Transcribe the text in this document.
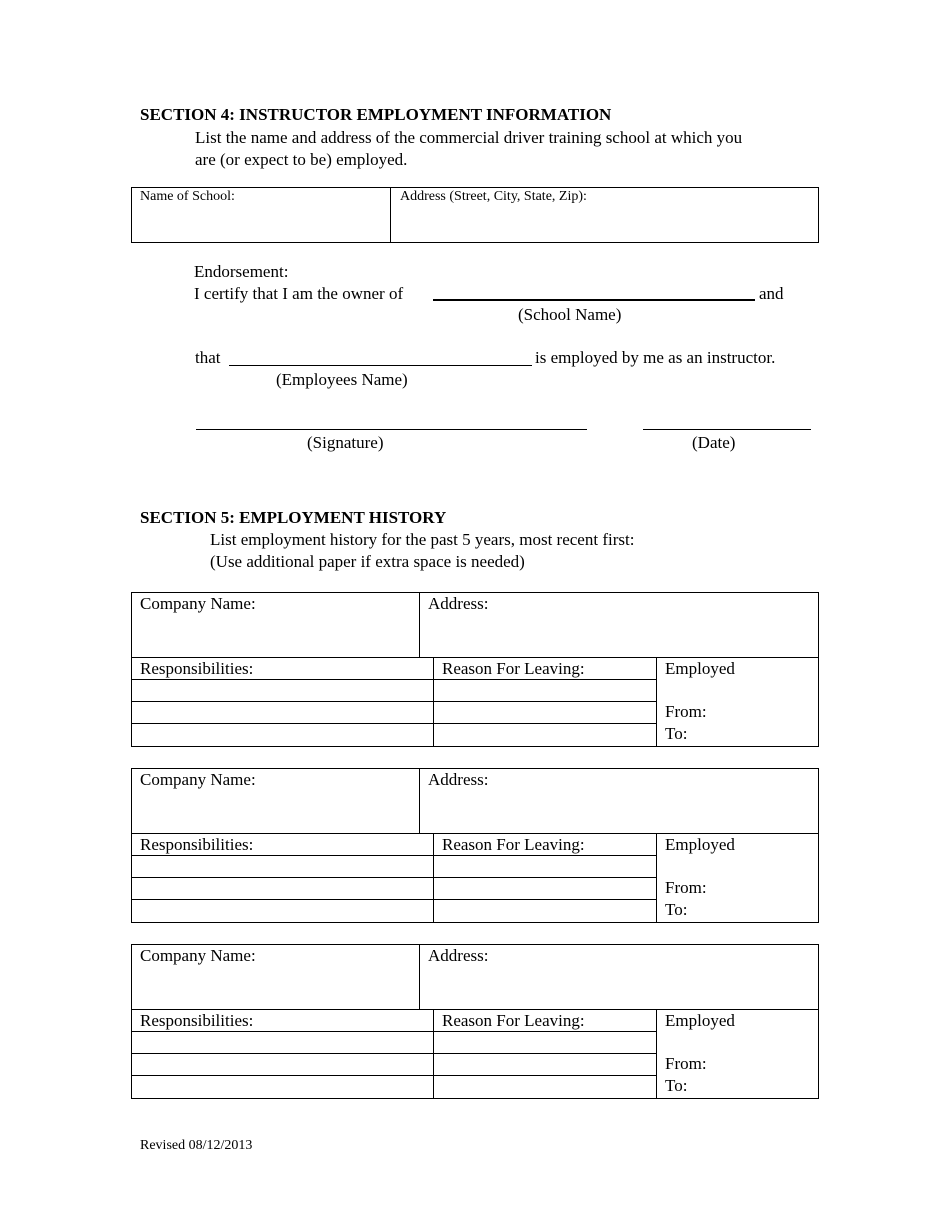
SECTION 4: INSTRUCTOR EMPLOYMENT INFORMATION
List the name and address of the commercial driver training school at which you
are (or expect to be) employed.
Name of School:	Address (Street, City, State, Zip):
Endorsement:
I certify that I am the owner of	and
(School Name)
that	is employed by me as an instructor.
(Employees Name)
(Signature)	(Date)
SECTION 5: EMPLOYMENT HISTORY
List employment history for the past 5 years, most recent first:
(Use additional paper if extra space is needed)
Company Name:	Address:
Responsibilities:	Reason For Leaving:	Employed
From:
To:
Company Name:	Address:
Responsibilities:	Reason For Leaving:	Employed
From:
To:
Company Name:	Address:
Responsibilities:	Reason For Leaving:	Employed
From:
To:
Revised 08/12/2013
